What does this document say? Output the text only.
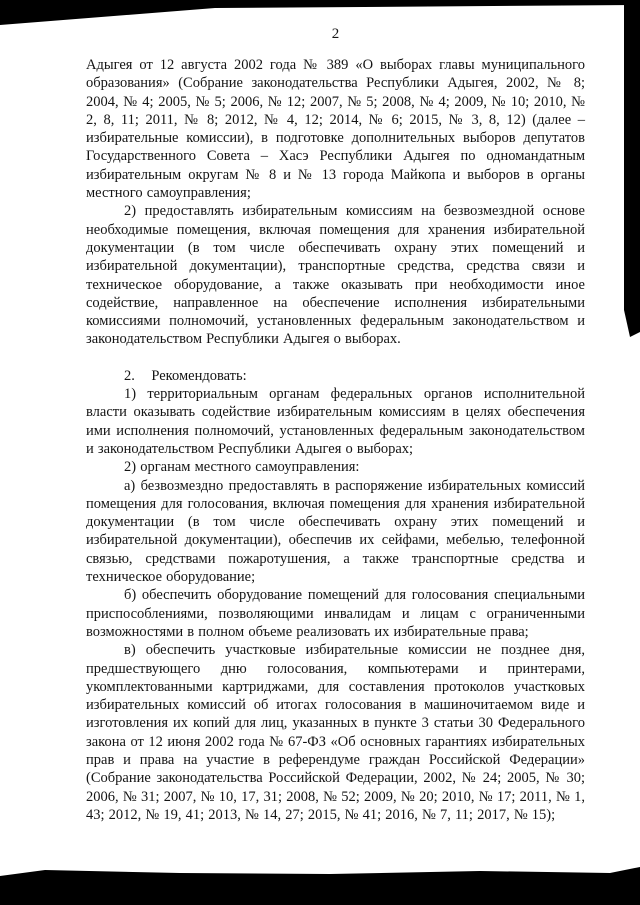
2

Адыгея от 12 августа 2002 года № 389 «О выборах главы муниципального образования» (Собрание законодательства Республики Адыгея, 2002, № 8; 2004, № 4; 2005, № 5; 2006, № 12; 2007, № 5; 2008, № 4; 2009, № 10; 2010, № 2, 8, 11; 2011, № 8; 2012, № 4, 12; 2014, № 6; 2015, № 3, 8, 12) (далее – избирательные комиссии), в подготовке дополнительных выборов депутатов Государственного Совета – Хасэ Республики Адыгея по одномандатным избирательным округам № 8 и № 13 города Майкопа и выборов в органы местного самоуправления;

2) предоставлять избирательным комиссиям на безвозмездной основе необходимые помещения, включая помещения для хранения избирательной документации (в том числе обеспечивать охрану этих помещений и избирательной документации), транспортные средства, средства связи и техническое оборудование, а также оказывать при необходимости иное содействие, направленное на обеспечение исполнения избирательными комиссиями полномочий, установленных федеральным законодательством и законодательством Республики Адыгея о выборах.

2.    Рекомендовать:

1) территориальным органам федеральных органов исполнительной власти оказывать содействие избирательным комиссиям в целях обеспечения ими исполнения полномочий, установленных федеральным законодательством и законодательством Республики Адыгея о выборах;

2) органам местного самоуправления:

а) безвозмездно предоставлять в распоряжение избирательных комиссий помещения для голосования, включая помещения для хранения избирательной документации (в том числе обеспечивать охрану этих помещений и избирательной документации), обеспечив их сейфами, мебелью, телефонной связью, средствами пожаротушения, а также транспортные средства и техническое оборудование;

б) обеспечить оборудование помещений для голосования специальными приспособлениями, позволяющими инвалидам и лицам с ограниченными возможностями в полном объеме реализовать их избирательные права;

в) обеспечить участковые избирательные комиссии не позднее дня, предшествующего дню голосования, компьютерами и принтерами, укомплектованными картриджами, для составления протоколов участковых избирательных комиссий об итогах голосования в машиночитаемом виде и изготовления их копий для лиц, указанных в пункте 3 статьи 30 Федерального закона от 12 июня 2002 года № 67-ФЗ «Об основных гарантиях избирательных прав и права на участие в референдуме граждан Российской Федерации» (Собрание законодательства Российской Федерации, 2002, № 24; 2005, № 30; 2006, № 31; 2007, № 10, 17, 31; 2008, № 52; 2009, № 20; 2010, № 17; 2011, № 1, 43; 2012, № 19, 41; 2013, № 14, 27; 2015, № 41; 2016, № 7, 11; 2017, № 15);
